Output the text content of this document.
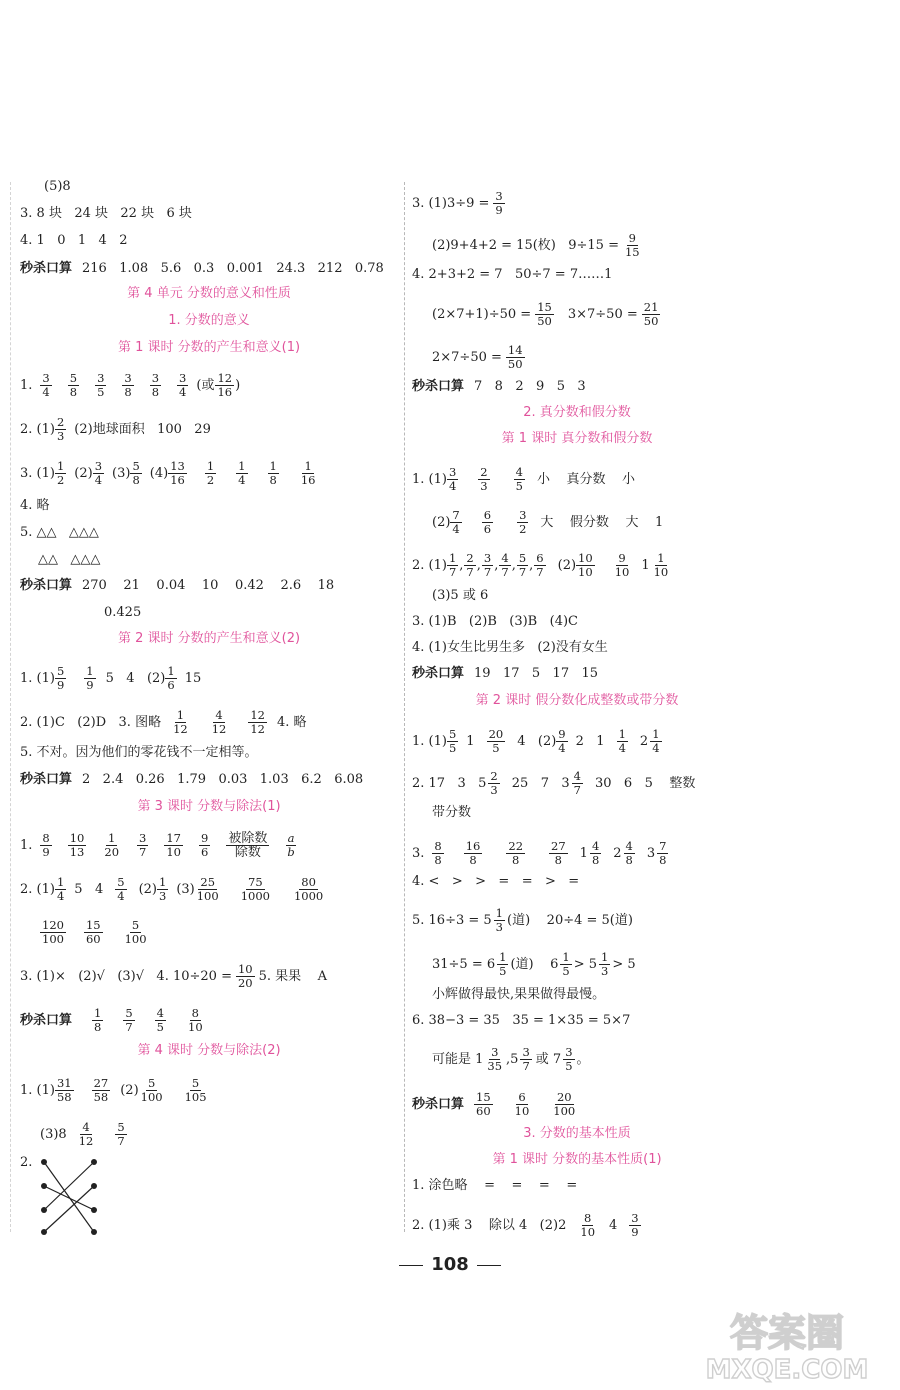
(5)8
3. 8 块   24 块   22 块   6 块
4. 1   0   1   4   2
秒杀口算 216   1.08   5.6   0.3   0.001   24.3   212   0.78
第 4 单元 分数的意义和性质
1. 分数的意义
第 1 课时 分数的产生和意义(1)
1. $\frac{3}{4} \frac{5}{8} \frac{3}{5} \frac{3}{8} \frac{3}{8} \frac{3}{4}$ (或 $\frac{12}{16}$ )
2. $(1) \frac{2}{3} (2)$地球面积   100   29
3. $(1) \frac{1}{2} (2) \frac{3}{4} (3) \frac{5}{8} (4) \frac{13}{16} \frac{1}{2} \frac{1}{4} \frac{1}{8} \frac{1}{16}$
4. 略
5. △△   △△△
△△   △△△
秒杀口算 270    21    0.04    10    0.42    2.6    18
0.425
第 2 课时 分数的产生和意义(2)
1. $(1) \frac{5}{9} \frac{1}{9} 5$   4   $(2) \frac{1}{6} 15$
2. (1)C   (2)D   3. 图略 $\frac{1}{12} \frac{4}{12} \frac{12}{12} 4$. 略
5. 不对。因为他们的零花钱不一定相等。
秒杀口算 2   2.4   0.26   1.79   0.03   1.03   6.2   6.08
第 3 课时 分数与除法(1)
1. $\frac{8}{9} \frac{10}{13} \frac{1}{20} \frac{3}{7} \frac{17}{10} \frac{9}{6} \frac{\text{被除数}}{\text{除数}} \frac{a}{b}$
2. $(1) \frac{1}{4} 5$   $4 \frac{5}{4} (2) \frac{1}{3} (3) \frac{25}{100} \frac{75}{1000} \frac{80}{1000}$
$\frac{120}{100} \frac{15}{60} \frac{5}{100}$
3. (1)×   (2)√   (3)√   4. $10\div 20 = \frac{10}{20} 5$. 果果    A
秒杀口算 $\frac{1}{8} \frac{5}{7} \frac{4}{5} \frac{8}{10}$
第 4 课时 分数与除法(2)
1. $(1) \frac{31}{58} \frac{27}{58} (2) \frac{5}{100} \frac{5}{105}$
$(3)8 \frac{4}{12} \frac{5}{7}$
2.
3. $(1)3\div 9 = \frac{3}{9}$
(2)9+4+2 = 15(枚)   $9\div 15 = \frac{9}{15}$
4. 2+3+2 = 7   50÷7 = 7……1
$(2\times 7+1)\div 50 = \frac{15}{50} 3\times 7\div 50 = \frac{21}{50}$
$2\times 7\div 50 = \frac{14}{50}$
秒杀口算 7   8   2   9   5   3
2. 真分数和假分数
第 1 课时 真分数和假分数
1. $(1) \frac{3}{4} \frac{2}{3} \frac{4}{5}$ 小    真分数    小
$(2) \frac{7}{4} \frac{6}{6} \frac{3}{2}$ 大    假分数    大    1
2. $(1) \frac{1}{7}$ , $\frac{2}{7}$ , $\frac{3}{7}$ , $\frac{4}{7}$ , $\frac{5}{7}$ , $\frac{6}{7} (2) \frac{10}{10} \frac{9}{10} 1 \frac{1}{10}$
(3)5 或 6
3. (1)B   (2)B   (3)B   (4)C
4. (1)女生比男生多   (2)没有女生
秒杀口算 19   17   5   17   15
第 2 课时 假分数化成整数或带分数
1. $(1) \frac{5}{5} 1 \frac{20}{5} 4$   $(2) \frac{9}{4} 2$   $1 \frac{1}{4} 2 \frac{1}{4}$
2. 17   3   $5 \frac{2}{3} 25$   7   $3 \frac{4}{7} 30$   6   5    整数
带分数
3. $\frac{8}{8} \frac{16}{8} \frac{22}{8} \frac{27}{8} 1 \frac{4}{8} 2 \frac{4}{8} 3 \frac{7}{8}$
4. <   >   >   =   =   >   =
5. $16\div 3 = 5 \frac{1}{3}$ (道)    20÷4 = 5(道)
$31\div 5 = 6 \frac{1}{5}$ (道)    $6 \frac{1}{5} > 5 \frac{1}{3} > 5$
小辉做得最快,果果做得最慢。
6. 38−3 = 35   35 = 1×35 = 5×7
可能是 $1 \frac{3}{35} ,5 \frac{3}{7}$ 或 $7 \frac{3}{5}$ 。
秒杀口算 $\frac{15}{60} \frac{6}{10} \frac{20}{100}$
3. 分数的基本性质
第 1 课时 分数的基本性质(1)
1. 涂色略    =    =    =    =
2. (1)乘 3    除以 4   $(2)2 \frac{8}{10} 4 \frac{3}{9}$
108
答案圈
MXQE.COM
